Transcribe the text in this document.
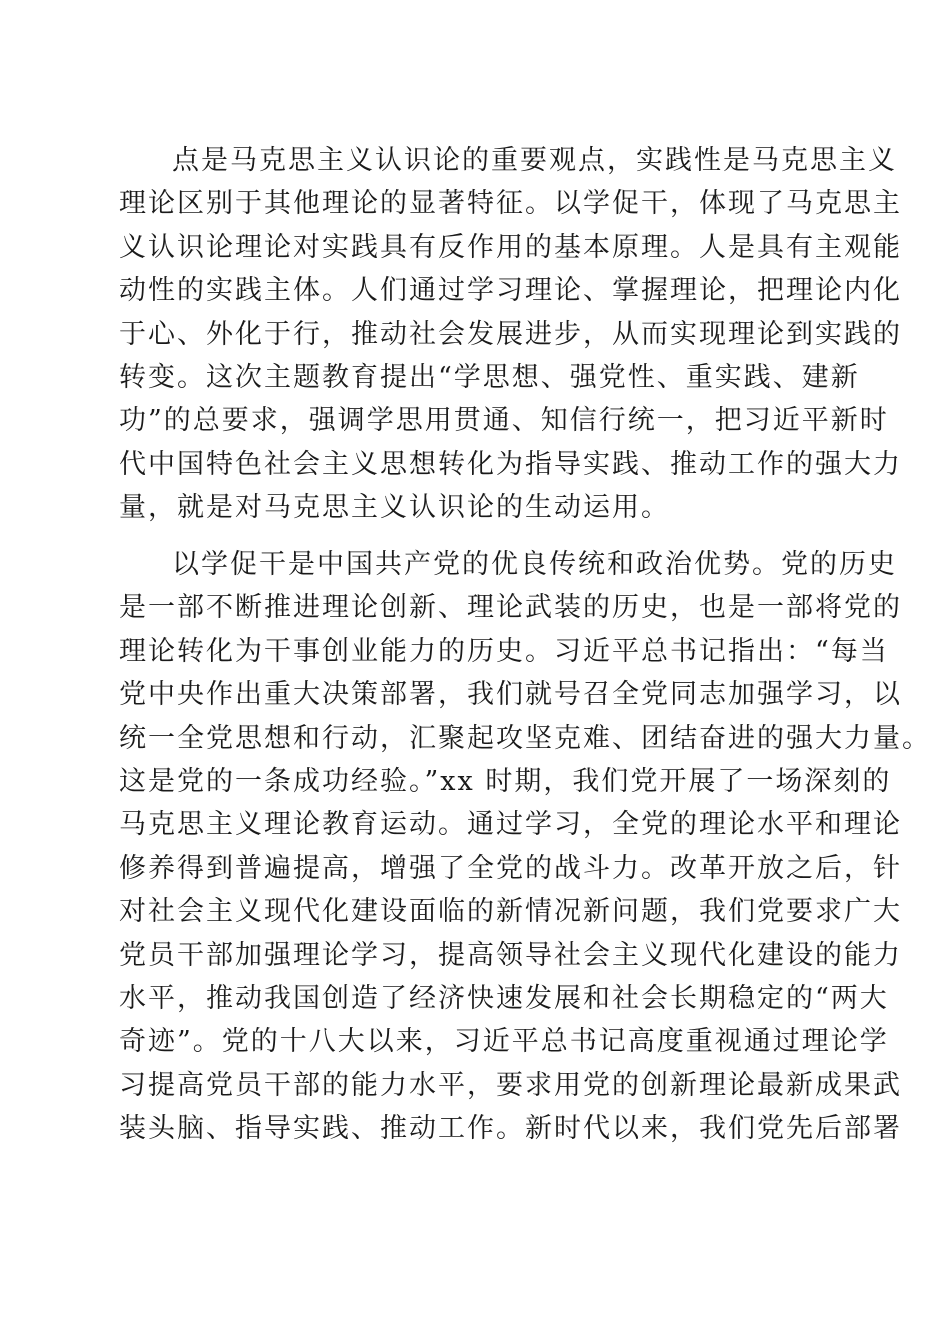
点是马克思主义认识论的重要观点，实践性是马克思主义
理论区别于其他理论的显著特征。以学促干，体现了马克思主
义认识论理论对实践具有反作用的基本原理。人是具有主观能
动性的实践主体。人们通过学习理论、掌握理论，把理论内化
于心、外化于行，推动社会发展进步，从而实现理论到实践的
转变。这次主题教育提出“学思想、强党性、重实践、建新
功”的总要求，强调学思用贯通、知信行统一，把习近平新时
代中国特色社会主义思想转化为指导实践、推动工作的强大力
量，就是对马克思主义认识论的生动运用。
以学促干是中国共产党的优良传统和政治优势。党的历史
是一部不断推进理论创新、理论武装的历史，也是一部将党的
理论转化为干事创业能力的历史。习近平总书记指出：“每当
党中央作出重大决策部署，我们就号召全党同志加强学习，以
统一全党思想和行动，汇聚起攻坚克难、团结奋进的强大力量。
这是党的一条成功经验。”xx 时期，我们党开展了一场深刻的
马克思主义理论教育运动。通过学习，全党的理论水平和理论
修养得到普遍提高，增强了全党的战斗力。改革开放之后，针
对社会主义现代化建设面临的新情况新问题，我们党要求广大
党员干部加强理论学习，提高领导社会主义现代化建设的能力
水平，推动我国创造了经济快速发展和社会长期稳定的“两大
奇迹”。党的十八大以来，习近平总书记高度重视通过理论学
习提高党员干部的能力水平，要求用党的创新理论最新成果武
装头脑、指导实践、推动工作。新时代以来，我们党先后部署
